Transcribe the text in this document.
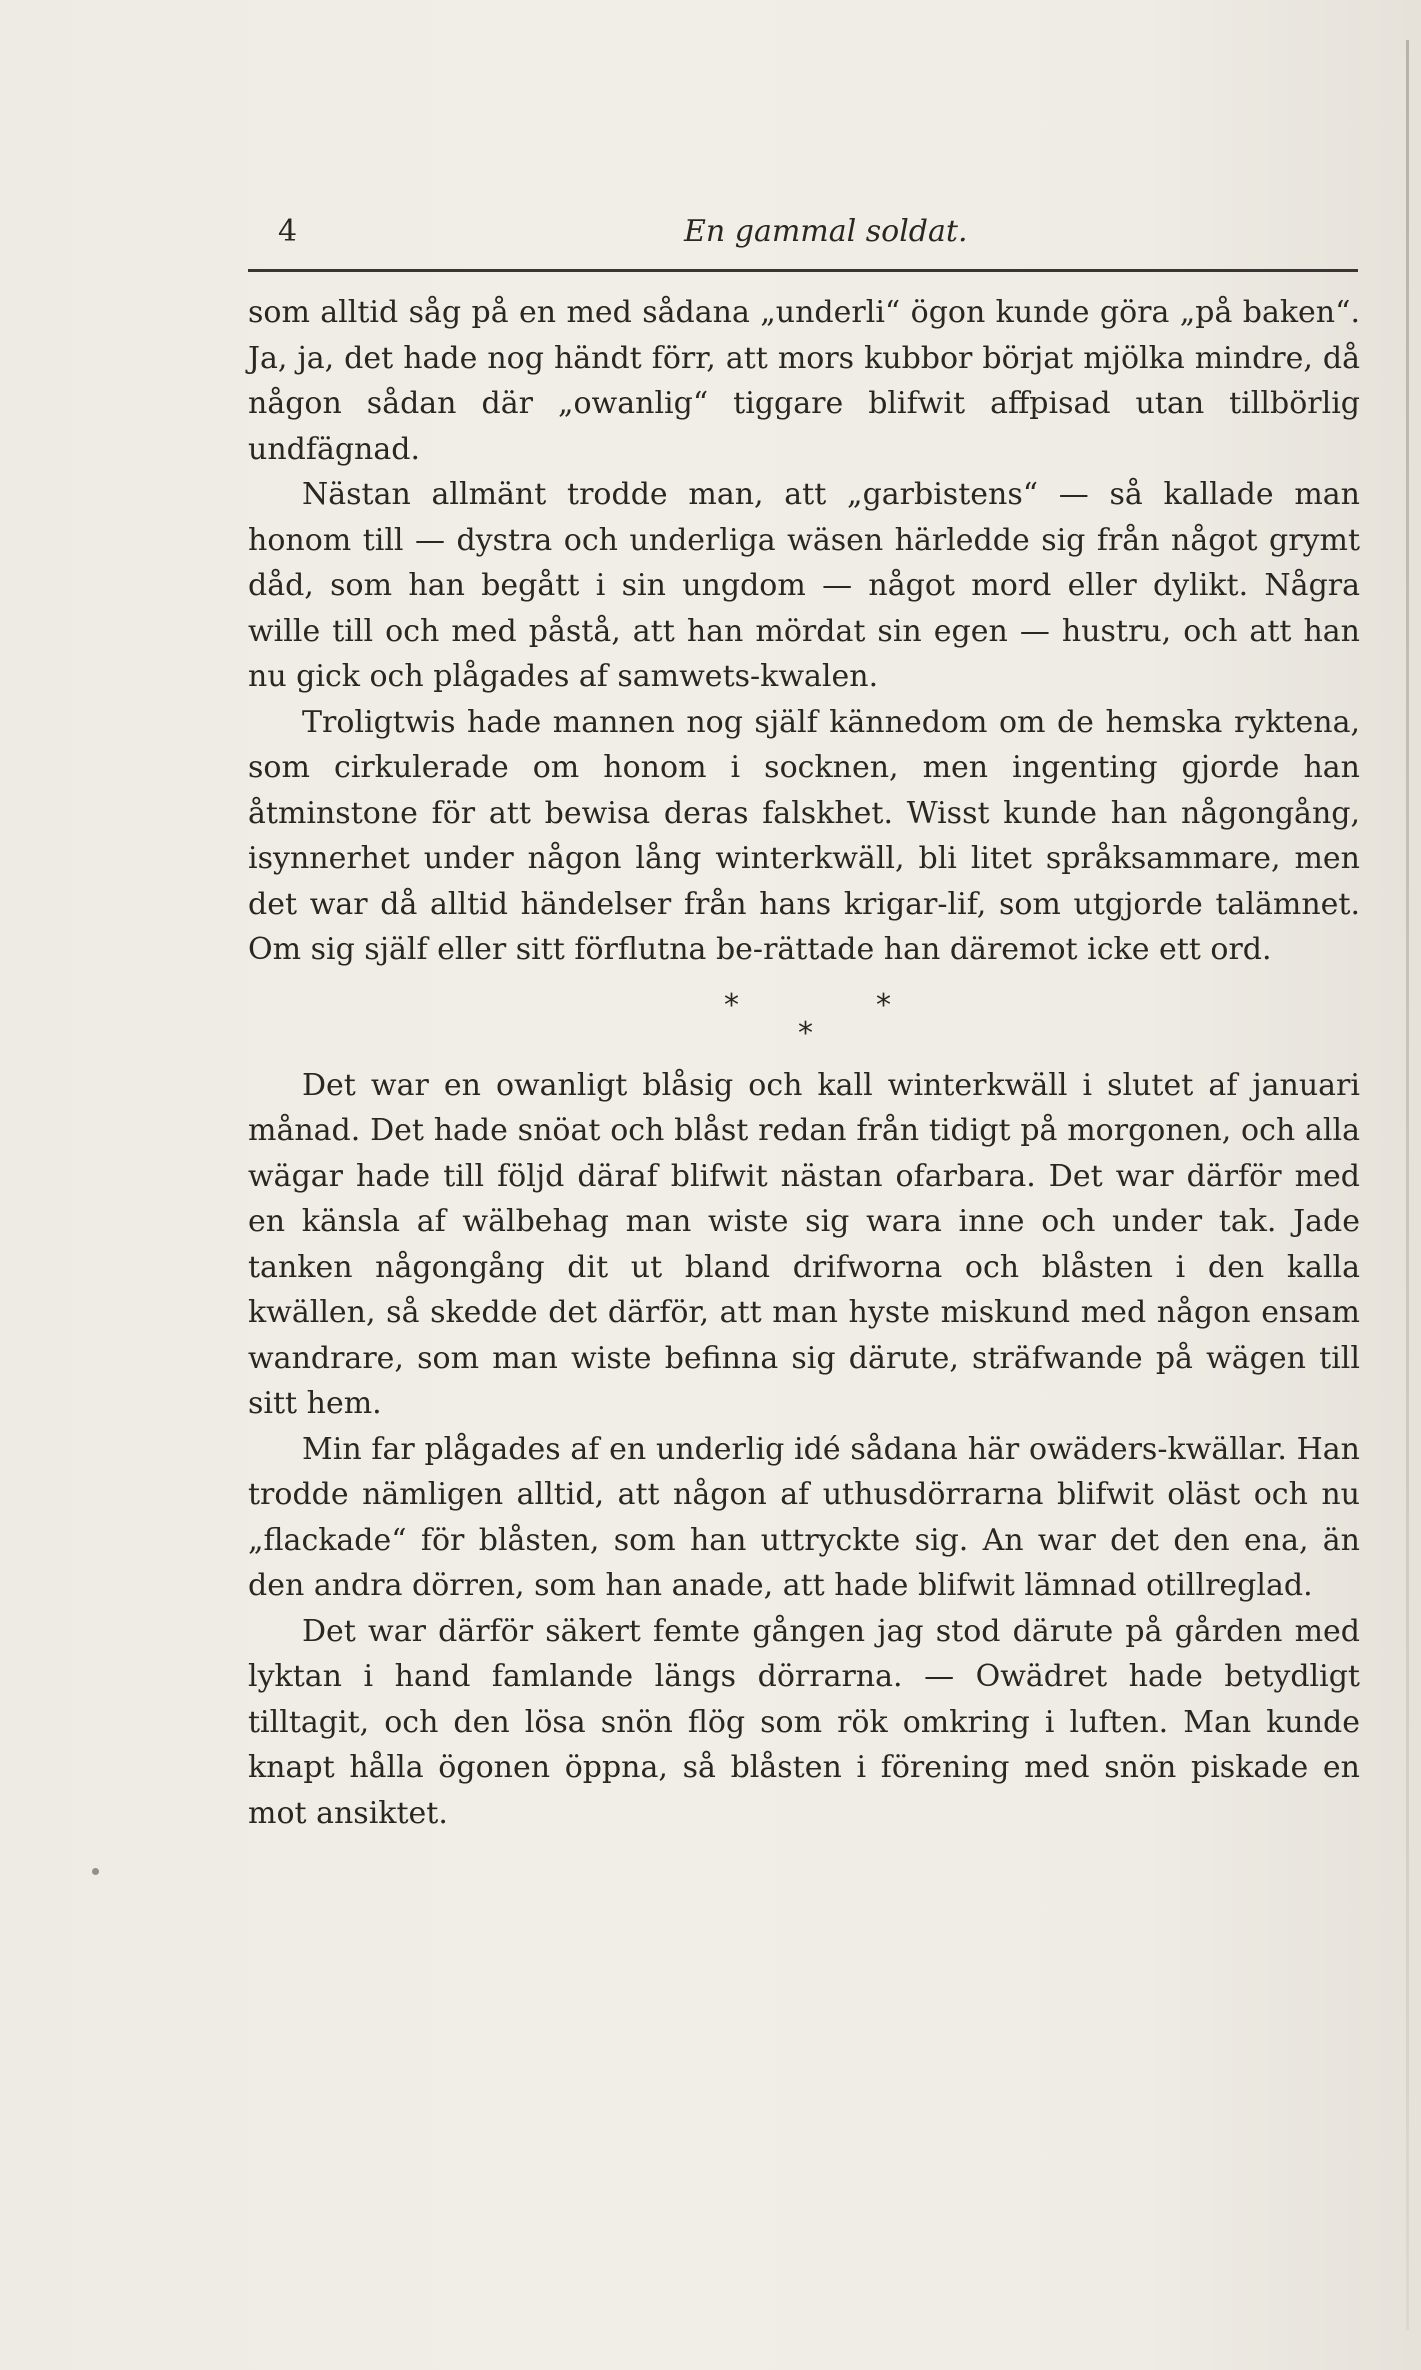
4	En gammal soldat.

som alltid såg på en med sådana „underli“ ögon kunde göra „på baken“. Ja, ja, det hade nog händt förr, att mors kubbor börjat mjölka mindre, då någon sådan där „owanlig“ tiggare blifwit affpisad utan tillbörlig undfägnad.

Nästan allmänt trodde man, att „garbistens“ — så kallade man honom till — dystra och underliga wäsen härledde sig från något grymt dåd, som han begått i sin ungdom — något mord eller dylikt. Några wille till och med påstå, att han mördat sin egen — hustru, och att han nu gick och plågades af samwets-kwalen.

Troligtwis hade mannen nog själf kännedom om de hemska ryktena, som cirkulerade om honom i socknen, men ingenting gjorde han åtminstone för att bewisa deras falskhet. Wisst kunde han någongång, isynnerhet under någon lång winterkwäll, bli litet språksammare, men det war då alltid händelser från hans krigar-lif, som utgjorde talämnet. Om sig själf eller sitt förflutna be-rättade han däremot icke ett ord.

*	*
*

Det war en owanligt blåsig och kall winterkwäll i slutet af januari månad. Det hade snöat och blåst redan från tidigt på morgonen, och alla wägar hade till följd däraf blifwit nästan ofarbara. Det war därför med en känsla af wälbehag man wiste sig wara inne och under tak. Jade tanken någongång dit ut bland drifworna och blåsten i den kalla kwällen, så skedde det därför, att man hyste miskund med någon ensam wandrare, som man wiste befinna sig därute, sträfwande på wägen till sitt hem.

Min far plågades af en underlig idé sådana här owäders-kwällar. Han trodde nämligen alltid, att någon af uthusdörrarna blifwit oläst och nu „flackade“ för blåsten, som han uttryckte sig. An war det den ena, än den andra dörren, som han anade, att hade blifwit lämnad otillreglad.

Det war därför säkert femte gången jag stod därute på gården med lyktan i hand famlande längs dörrarna. — Owädret hade betydligt tilltagit, och den lösa snön flög som rök omkring i luften. Man kunde knapt hålla ögonen öppna, så blåsten i förening med snön piskade en mot ansiktet.
